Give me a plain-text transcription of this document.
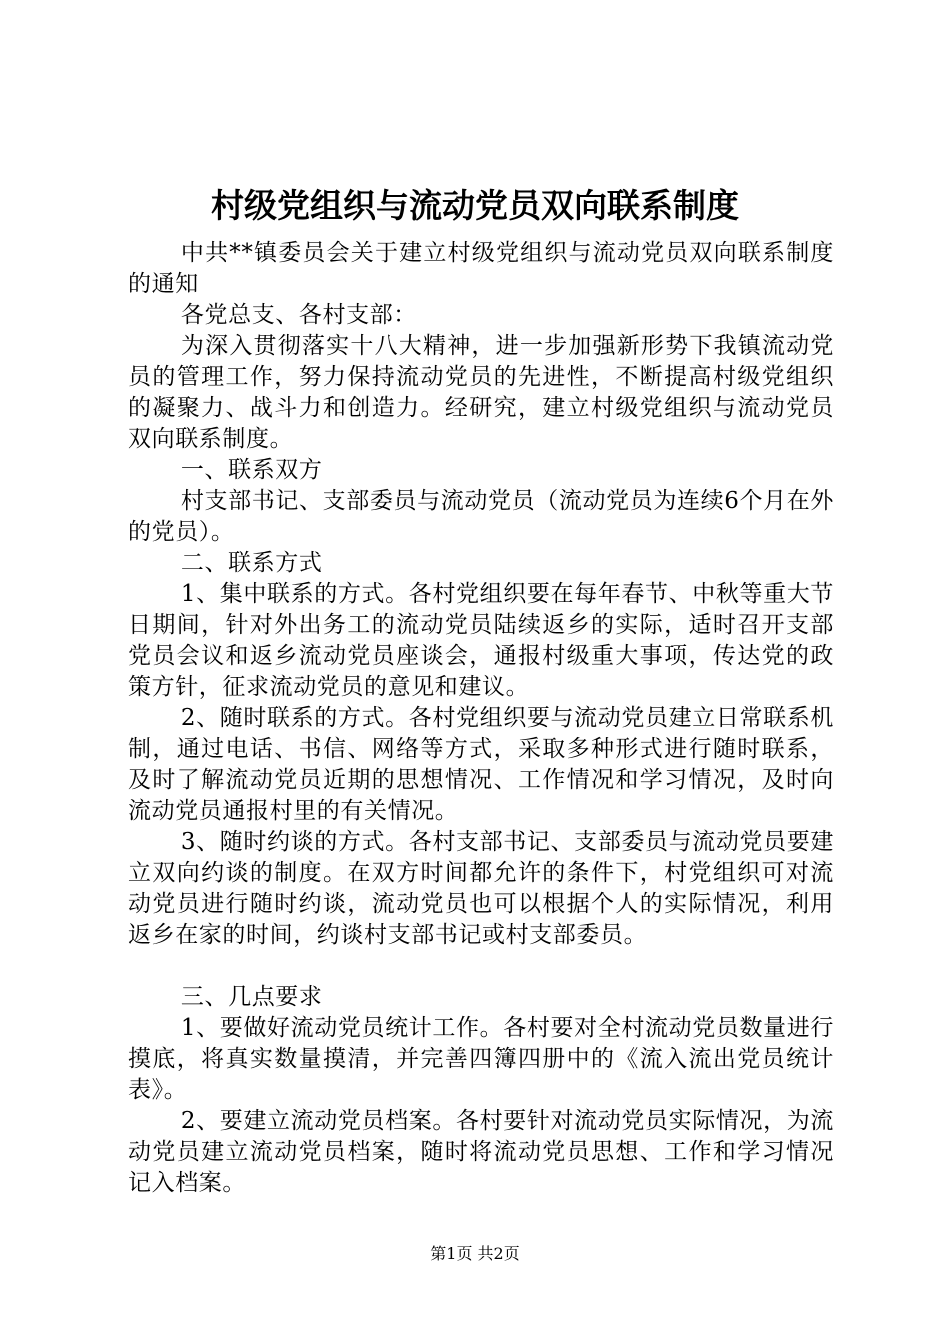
村级党组织与流动党员双向联系制度

中共**镇委员会关于建立村级党组织与流动党员双向联系制度的通知

各党总支、各村支部：

为深入贯彻落实十八大精神，进一步加强新形势下我镇流动党员的管理工作，努力保持流动党员的先进性，不断提高村级党组织的凝聚力、战斗力和创造力。经研究，建立村级党组织与流动党员双向联系制度。

一、联系双方

村支部书记、支部委员与流动党员（流动党员为连续6个月在外的党员）。

二、联系方式

1、集中联系的方式。各村党组织要在每年春节、中秋等重大节日期间，针对外出务工的流动党员陆续返乡的实际，适时召开支部党员会议和返乡流动党员座谈会，通报村级重大事项，传达党的政策方针，征求流动党员的意见和建议。

2、随时联系的方式。各村党组织要与流动党员建立日常联系机制，通过电话、书信、网络等方式，采取多种形式进行随时联系，及时了解流动党员近期的思想情况、工作情况和学习情况，及时向流动党员通报村里的有关情况。

3、随时约谈的方式。各村支部书记、支部委员与流动党员要建立双向约谈的制度。在双方时间都允许的条件下，村党组织可对流动党员进行随时约谈，流动党员也可以根据个人的实际情况，利用返乡在家的时间，约谈村支部书记或村支部委员。

三、几点要求

1、要做好流动党员统计工作。各村要对全村流动党员数量进行摸底，将真实数量摸清，并完善四簿四册中的《流入流出党员统计表》。

2、要建立流动党员档案。各村要针对流动党员实际情况，为流动党员建立流动党员档案，随时将流动党员思想、工作和学习情况记入档案。

第1页 共2页
